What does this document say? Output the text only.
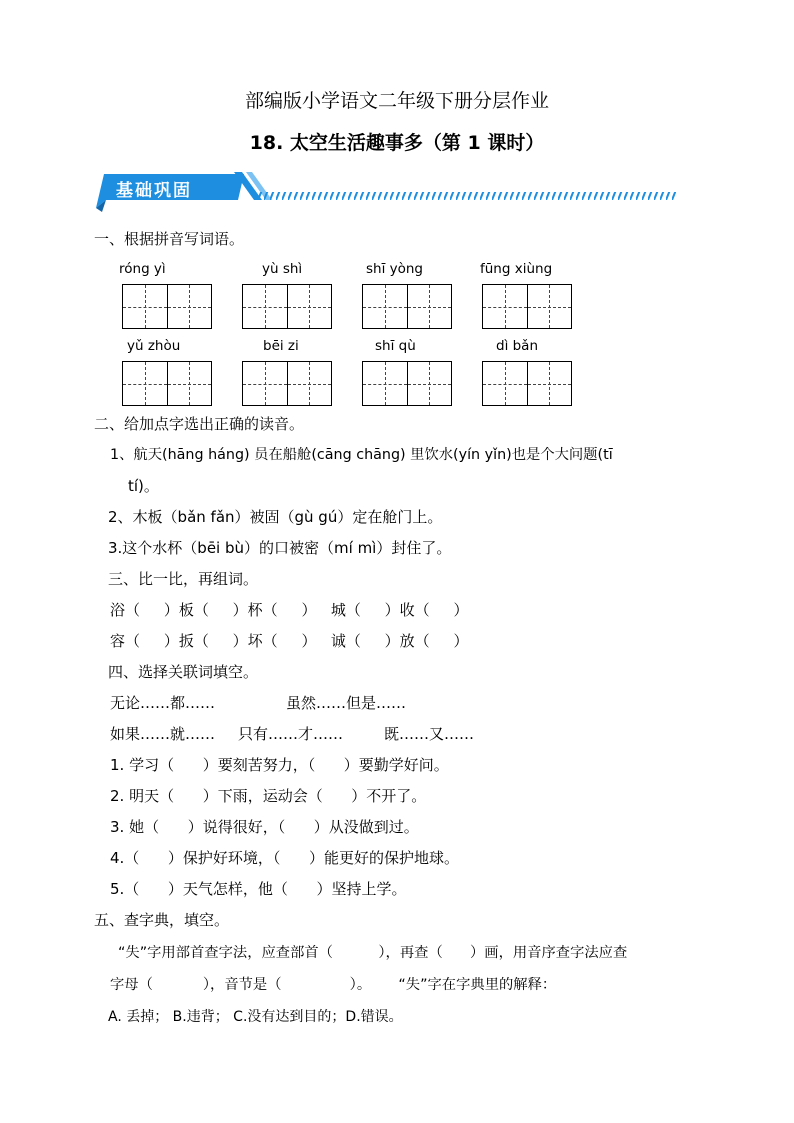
部编版小学语文二年级下册分层作业
18. 太空生活趣事多（第 1 课时）
基础巩固
一、根据拼音写词语。
róng yì	yù shì	shī yòng	fūng xiùng
yǔ zhòu	bēi zi	shī qù	dì bǎn
二、给加点字选出正确的读音。
1、航天(hāng háng) 员在船舱(cāng chāng) 里饮水(yín yǐn)也是个大问题(tī
tí)。
2、木板（bǎn fǎn）被固（gù gú）定在舱门上。
3.这个水杯（bēi bù）的口被密（mí mì）封住了。
三、比一比，再组词。
浴（     ）板（     ）杯（     ）   城（     ）收（     ）
容（     ）扳（     ）坏（     ）   诚（     ）放（     ）
四、选择关联词填空。
无论……都……	虽然……但是……
如果……就…… 只有……才……	既……又……
1. 学习（      ）要刻苦努力，（      ）要勤学好问。
2. 明天（      ）下雨，运动会（      ）不开了。
3. 她（      ）说得很好，（      ）从没做到过。
4.（      ）保护好环境，（      ）能更好的保护地球。
5.（      ）天气怎样，他（      ）坚持上学。
五、查字典，填空。
“失”字用部首查字法，应查部首（          ），再查（      ）画，用音序查字法应查
字母（           ），音节是（               ）。      “失”字在字典里的解释：
A. 丢掉； B.违背； C.没有达到目的；D.错误。
